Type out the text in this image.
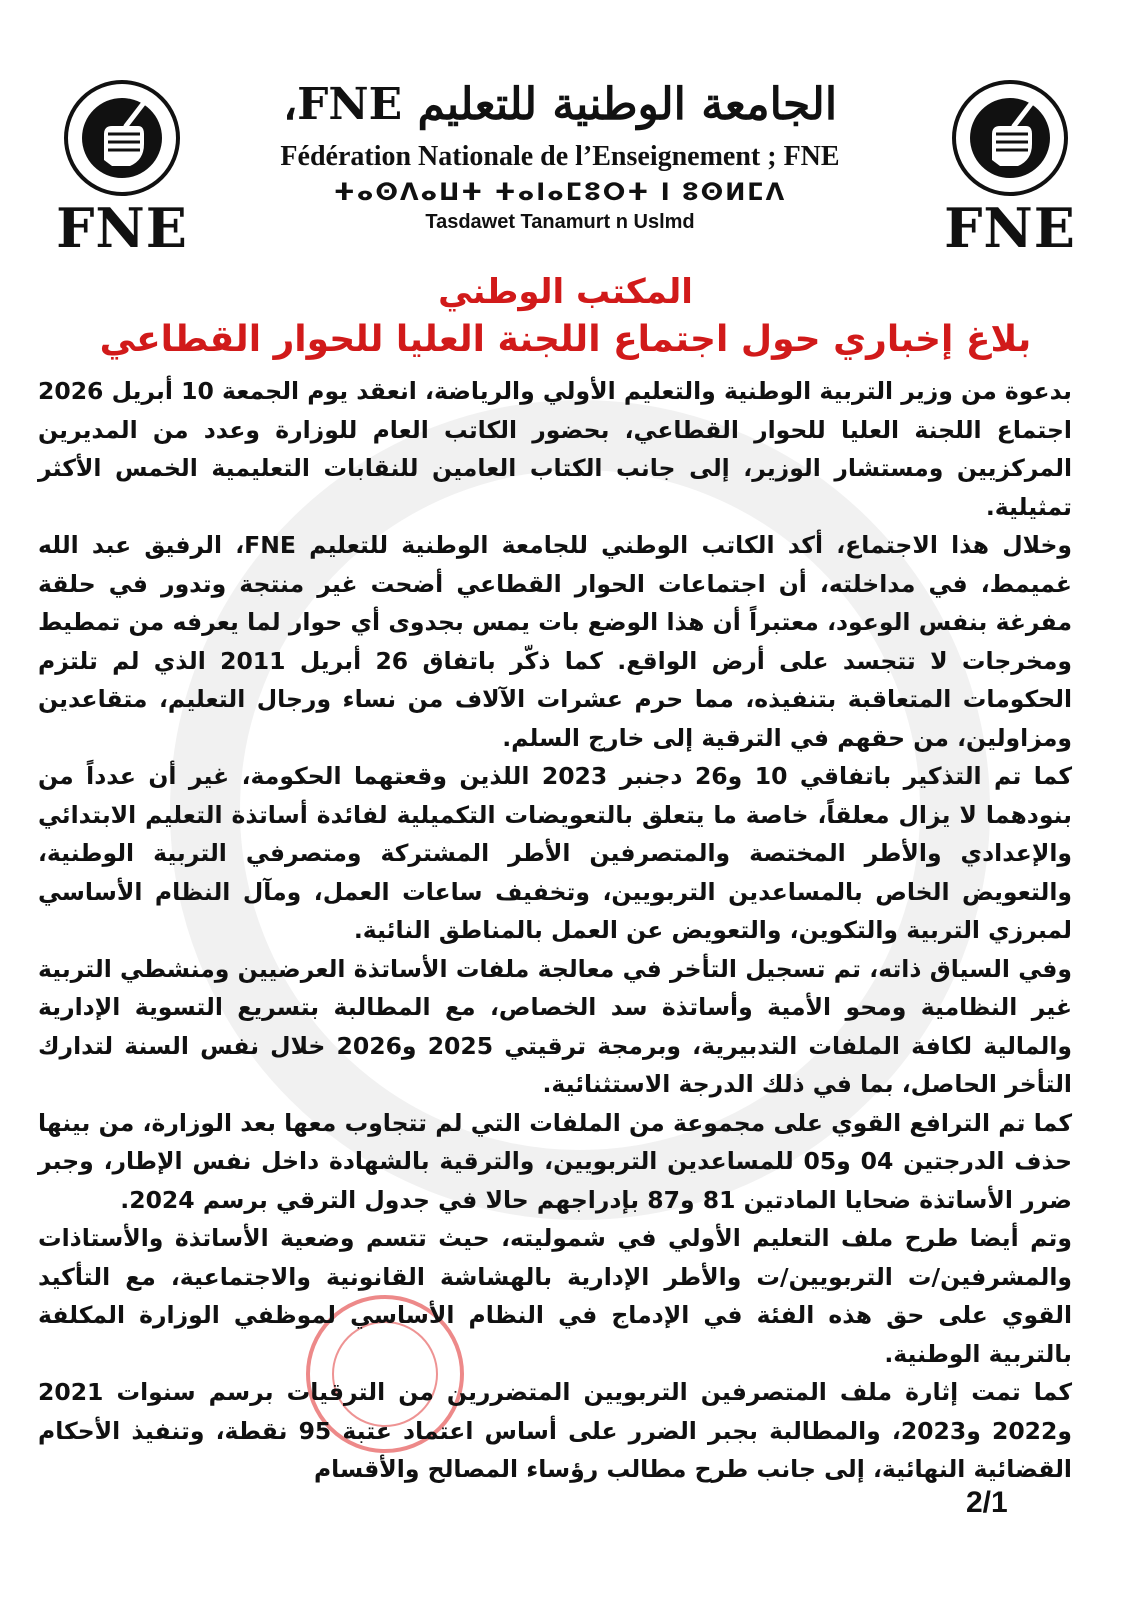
FNE
الجامعة الوطنية للتعليم FNE،
Fédération Nationale de l’Enseignement ; FNE
ⵜⴰⵙⴷⴰⵡⵜ ⵜⴰⵏⴰⵎⵓⵔⵜ ⵏ ⵓⵙⵍⵎⴷ
Tasdawet Tanamurt n Uslmd	FNE
المكتب الوطني
بلاغ إخباري حول اجتماع اللجنة العليا للحوار القطاعي

بدعوة من وزير التربية الوطنية والتعليم الأولي والرياضة، انعقد يوم الجمعة 10 أبريل 2026 اجتماع اللجنة العليا للحوار القطاعي، بحضور الكاتب العام للوزارة وعدد من المديرين المركزيين ومستشار الوزير، إلى جانب الكتاب العامين للنقابات التعليمية الخمس الأكثر تمثيلية.

وخلال هذا الاجتماع، أكد الكاتب الوطني للجامعة الوطنية للتعليم FNE، الرفيق عبد الله غميمط، في مداخلته، أن اجتماعات الحوار القطاعي أضحت غير منتجة وتدور في حلقة مفرغة بنفس الوعود، معتبراً أن هذا الوضع بات يمس بجدوى أي حوار لما يعرفه من تمطيط ومخرجات لا تتجسد على أرض الواقع. كما ذكّر باتفاق 26 أبريل 2011 الذي لم تلتزم الحكومات المتعاقبة بتنفيذه، مما حرم عشرات الآلاف من نساء ورجال التعليم، متقاعدين ومزاولين، من حقهم في الترقية إلى خارج السلم.

كما تم التذكير باتفاقي 10 و26 دجنبر 2023 اللذين وقعتهما الحكومة، غير أن عدداً من بنودهما لا يزال معلقاً، خاصة ما يتعلق بالتعويضات التكميلية لفائدة أساتذة التعليم الابتدائي والإعدادي والأطر المختصة والمتصرفين الأطر المشتركة ومتصرفي التربية الوطنية، والتعويض الخاص بالمساعدين التربويين، وتخفيف ساعات العمل، ومآل النظام الأساسي لمبرزي التربية والتكوين، والتعويض عن العمل بالمناطق النائية.

وفي السياق ذاته، تم تسجيل التأخر في معالجة ملفات الأساتذة العرضيين ومنشطي التربية غير النظامية ومحو الأمية وأساتذة سد الخصاص، مع المطالبة بتسريع التسوية الإدارية والمالية لكافة الملفات التدبيرية، وبرمجة ترقيتي 2025 و2026 خلال نفس السنة لتدارك التأخر الحاصل، بما في ذلك الدرجة الاستثنائية.

كما تم الترافع القوي على مجموعة من الملفات التي لم تتجاوب معها بعد الوزارة، من بينها حذف الدرجتين 04 و05 للمساعدين التربويين، والترقية بالشهادة داخل نفس الإطار، وجبر ضرر الأساتذة ضحايا المادتين 81 و87 بإدراجهم حالا في جدول الترقي برسم 2024.

وتم أيضا طرح ملف التعليم الأولي في شموليته، حيث تتسم وضعية الأساتذة والأستاذات والمشرفين/ت التربويين/ت والأطر الإدارية بالهشاشة القانونية والاجتماعية، مع التأكيد القوي على حق هذه الفئة في الإدماج في النظام الأساسي لموظفي الوزارة المكلفة بالتربية الوطنية.

كما تمت إثارة ملف المتصرفين التربويين المتضررين من الترقيات برسم سنوات 2021 و2022 و2023، والمطالبة بجبر الضرر على أساس اعتماد عتبة 95 نقطة، وتنفيذ الأحكام القضائية النهائية، إلى جانب طرح مطالب رؤساء المصالح والأقسام

2/1
